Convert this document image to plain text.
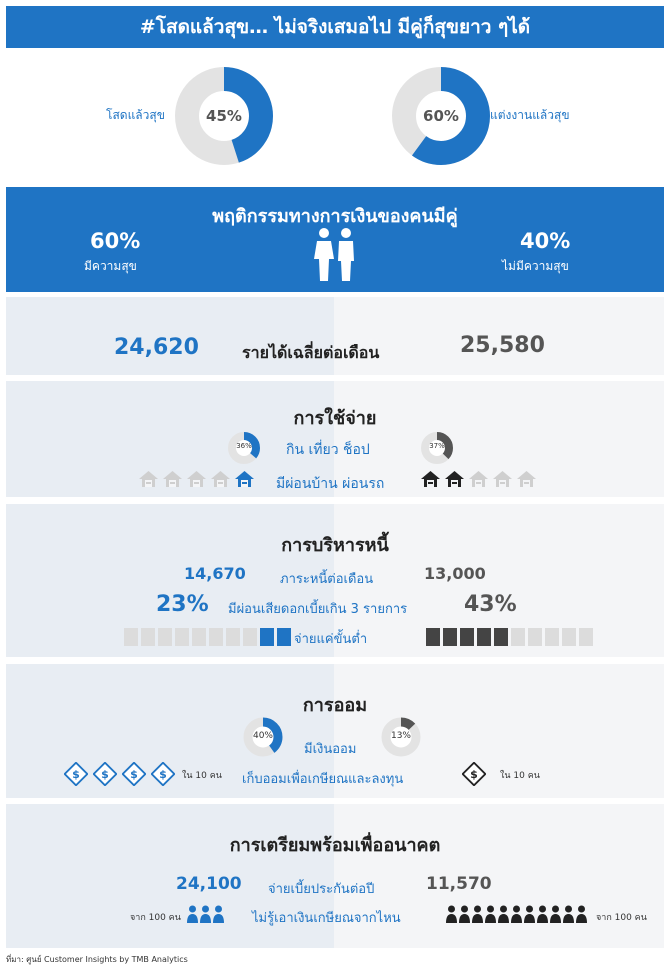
#โสดแล้วสุข… ไม่จริงเสมอไป มีคู่ก็สุขยาว ๆได้
โสดแล้วสุข	45%	60%	แต่งงานแล้วสุข
พฤติกรรมทางการเงินของคนมีคู่
60%
มีความสุข
40%
ไม่มีความสุข
24,620	รายได้เฉลี่ยต่อเดือน	25,580
การใช้จ่าย
36%	กิน เที่ยว ช็อป	37%
มีผ่อนบ้าน ผ่อนรถ
การบริหารหนี้
14,670	ภาระหนี้ต่อเดือน	13,000
23% มีผ่อนเสียดอกเบี้ยเกิน 3 รายการ	43%
จ่ายแค่ขั้นต่ำ
การออม
40%
มีเงินออม
13%
$ $ $ $ ใน 10 คน เก็บออมเพื่อเกษียณและลงทุน	$ ใน 10 คน
การเตรียมพร้อมเพื่ออนาคต
24,100 จ่ายเบี้ยประกันต่อปี	11,570
จาก 100 คน	ไม่รู้เอาเงินเกษียณจากไหน	จาก 100 คน
ที่มา: ศูนย์ Customer Insights by TMB Analytics
